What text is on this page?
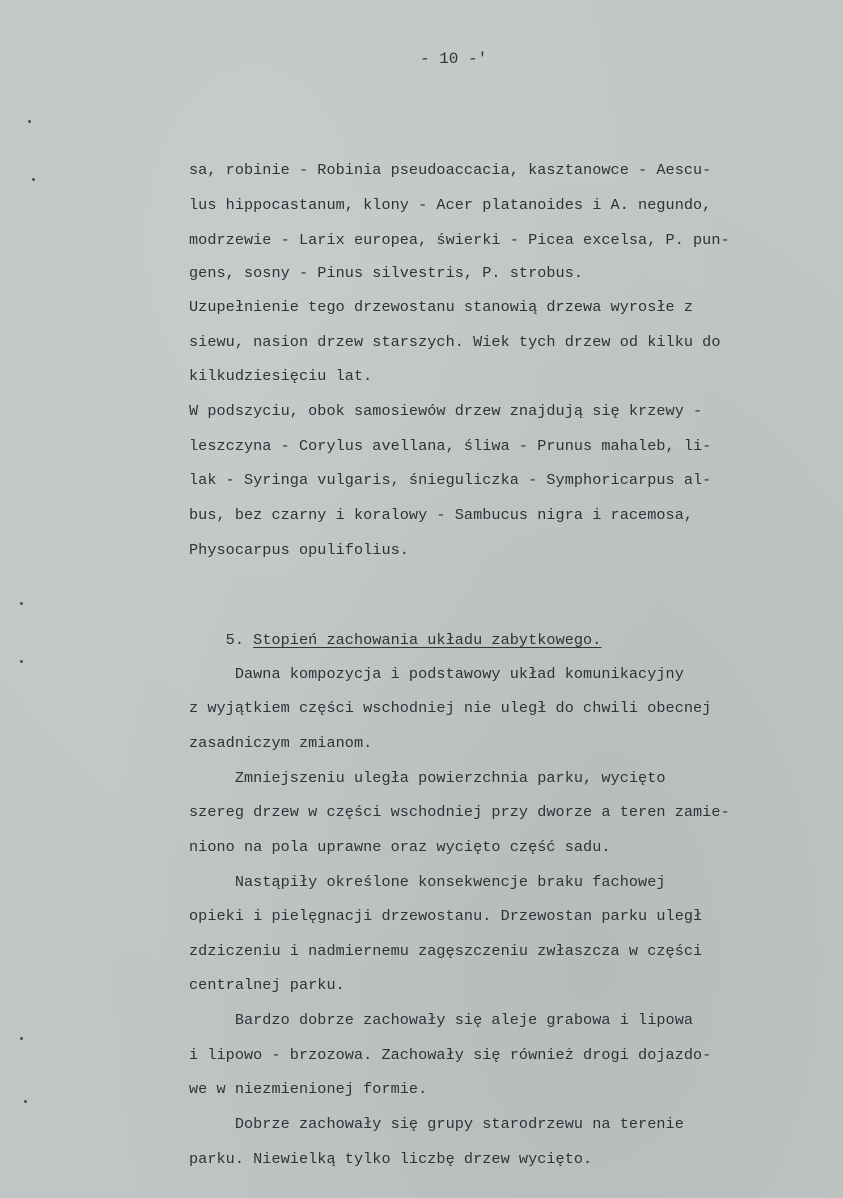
- 10 -'
sa, robinie - Robinia pseudoaccacia, kasztanowce - Aescu-
lus hippocastanum, klony - Acer platanoides i A. negundo,
modrzewie - Larix europea, świerki - Picea excelsa, P. pun-
gens, sosny - Pinus silvestris, P. strobus.
Uzupełnienie tego drzewostanu stanowią drzewa wyrosłe z
siewu, nasion drzew starszych. Wiek tych drzew od kilku do
kilkudziesięciu lat.
W podszyciu, obok samosiewów drzew znajdują się krzewy -
leszczyna - Corylus avellana, śliwa - Prunus mahaleb, li-
lak - Syringa vulgaris, śnieguliczka - Symphoricarpus al-
bus, bez czarny i koralowy - Sambucus nigra i racemosa,
Physocarpus opulifolius.

5. Stopień zachowania układu zabytkowego.

Dawna kompozycja i podstawowy układ komunikacyjny
z wyjątkiem części wschodniej nie uległ do chwili obecnej
zasadniczym zmianom.
Zmniejszeniu uległa powierzchnia parku, wycięto
szereg drzew w części wschodniej przy dworze a teren zamie-
niono na pola uprawne oraz wycięto część sadu.
Nastąpiły określone konsekwencje braku fachowej
opieki i pielęgnacji drzewostanu. Drzewostan parku uległ
zdziczeniu i nadmiernemu zagęszczeniu zwłaszcza w części
centralnej parku.
Bardzo dobrze zachowały się aleje grabowa i lipowa
i lipowo - brzozowa. Zachowały się również drogi dojazdo-
we w niezmienionej formie.
Dobrze zachowały się grupy starodrzewu na terenie
parku. Niewielką tylko liczbę drzew wycięto.
